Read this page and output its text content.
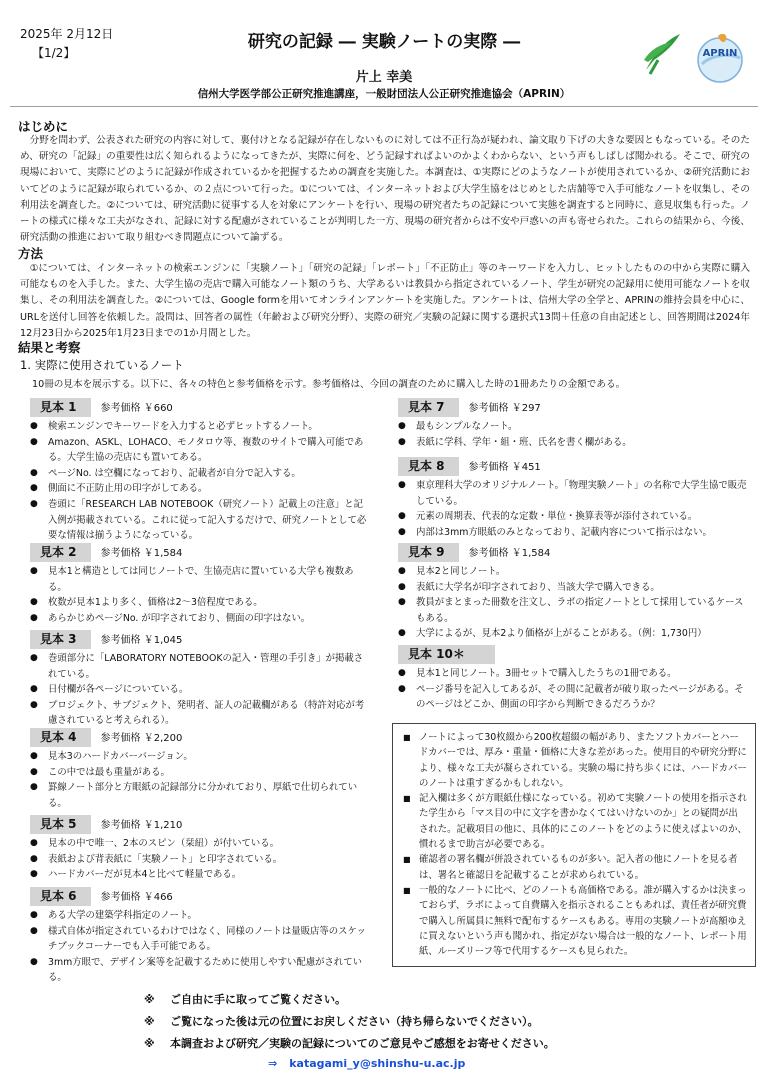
2025年 2月12日
【1/2】
研究の記録 ― 実験ノートの実際 ―
片上 幸美
信州大学医学部公正研究推進講座，一般財団法人公正研究推進協会（APRIN）
APRIN
はじめに
　分野を問わず、公表された研究の内容に対して、裏付けとなる記録が存在しないものに対しては不正行為が疑われ、論文取り下げの大きな要因ともなっている。そのため、研究の「記録」の重要性は広く知られるようになってきたが、実際に何を、どう記録すればよいのかよくわからない、という声もしばしば聞かれる。そこで、研究の現場において、実際にどのように記録が作成されているかを把握するための調査を実施した。本調査は、①実際にどのようなノートが使用されているか、②研究活動においてどのように記録が取られているか、の２点について行った。①については、インターネットおよび大学生協をはじめとした店舗等で入手可能なノートを収集し、その利用法を調査した。②については、研究活動に従事する人を対象にアンケートを行い、現場の研究者たちの記録について実態を調査すると同時に、意見収集も行った。ノートの様式に様々な工夫がなされ、記録に対する配慮がされていることが判明した一方、現場の研究者からは不安や戸惑いの声も寄せられた。これらの結果から、今後、研究活動の推進において取り組むべき問題点について論ずる。
方法
　①については、インターネットの検索エンジンに「実験ノート」「研究の記録」「レポート」「不正防止」等のキーワードを入力し、ヒットしたものの中から実際に購入可能なものを入手した。また、大学生協の売店で購入可能なノート類のうち、大学あるいは教員から指定されているノート、学生が研究の記録用に使用可能なノートを収集し、その利用法を調査した。②については、Google formを用いてオンラインアンケートを実施した。アンケートは、信州大学の全学と、APRINの維持会員を中心に、URLを送付し回答を依頼した。設問は、回答者の属性（年齢および研究分野）、実際の研究／実験の記録に関する選択式13問＋任意の自由記述とし、回答期間は2024年12月23日から2025年1月23日までの1か月間とした。
結果と考察
1. 実際に使用されているノート
10冊の見本を展示する。以下に、各々の特色と参考価格を示す。参考価格は、今回の調査のために購入した時の1冊あたりの金額である。
見本 1 参考価格 ￥660
● 検索エンジンでキーワードを入力すると必ずヒットするノート。
● Amazon、ASKL、LOHACO、モノタロウ等、複数のサイトで購入可能である。大学生協の売店にも置いてある。
● ページNo. は空欄になっており、記載者が自分で記入する。
● 側面に不正防止用の印字がしてある。
● 巻頭に「RESEARCH LAB NOTEBOOK（研究ノート）記載上の注意」と記入例が掲載されている。これに従って記入するだけで、研究ノートとして必要な情報は揃うようになっている。
見本 2 参考価格 ￥1,584
● 見本1と構造としては同じノートで、生協売店に置いている大学も複数ある。
● 枚数が見本1より多く、価格は2～3倍程度である。
● あらかじめページNo. が印字されており、側面の印字はない。
見本 3 参考価格 ￥1,045
● 巻頭部分に「LABORATORY NOTEBOOKの記入・管理の手引き」が掲載されている。
● 日付欄が各ページについている。
● プロジェクト、サブジェクト、発明者、証人の記載欄がある（特許対応が考慮されていると考えられる）。
見本 4 参考価格 ￥2,200
● 見本3のハードカバーバージョン。
● この中では最も重量がある。
● 罫線ノート部分と方眼紙の記録部分に分かれており、厚紙で仕切られている。
見本 5 参考価格 ￥1,210
● 見本の中で唯一、2本のスピン（栞紐）が付いている。
● 表紙および背表紙に「実験ノート」と印字されている。
● ハードカバーだが見本4と比べて軽量である。
見本 6 参考価格 ￥466
● ある大学の建築学科指定のノート。
● 様式自体が指定されているわけではなく、同様のノートは量販店等のスケッチブックコーナーでも入手可能である。
● 3mm方眼で、デザイン案等を記載するために使用しやすい配慮がされている。
見本 7 参考価格 ￥297
● 最もシンプルなノート。
● 表紙に学科、学年・組・班、氏名を書く欄がある。
見本 8 参考価格 ￥451
● 東京理科大学のオリジナルノート。「物理実験ノート」の名称で大学生協で販売している。
● 元素の周期表、代表的な定数・単位・換算表等が添付されている。
● 内部は3mm方眼紙のみとなっており、記載内容について指示はない。
見本 9 参考価格 ￥1,584
● 見本2と同じノート。
● 表紙に大学名が印字されており、当該大学で購入できる。
● 教員がまとまった冊数を注文し、ラボの指定ノートとして採用しているケースもある。
● 大学によるが、見本2より価格が上がることがある。（例：1,730円）
見本 10＊
● 見本1と同じノート。3冊セットで購入したうちの1冊である。
● ページ番号を記入してあるが、その間に記載者が破り取ったページがある。そのページはどこか、側面の印字から判断できるだろうか？
■ ノートによって30枚綴から200枚超綴の幅があり、またソフトカバーとハードカバーでは、厚み・重量・価格に大きな差があった。使用目的や研究分野により、様々な工夫が凝らされている。実験の場に持ち歩くには、ハードカバーのノートは重すぎるかもしれない。
■ 記入欄は多くが方眼紙仕様になっている。初めて実験ノートの使用を指示された学生から「マス目の中に文字を書かなくてはいけないのか」との疑問が出された。記載項目の他に、具体的にこのノートをどのように使えばよいのか、慣れるまで助言が必要である。
■ 確認者の署名欄が併設されているものが多い。記入者の他にノートを見る者は、署名と確認日を記載することが求められている。
■ 一般的なノートに比べ、どのノートも高価格である。誰が購入するかは決まっておらず、ラボによって自費購入を指示されることもあれば、責任者が研究費で購入し所属員に無料で配布するケースもある。専用の実験ノートが高額ゆえに買えないという声も聞かれ、指定がない場合は一般的なノート、レポート用紙、ルーズリーフ等で代用するケースも見られた。
※ ご自由に手に取ってご覧ください。
※ ご覧になった後は元の位置にお戻しください（持ち帰らないでください）。
※ 本調査および研究／実験の記録についてのご意見やご感想をお寄せください。
⇒ katagami_y@shinshu-u.ac.jp
